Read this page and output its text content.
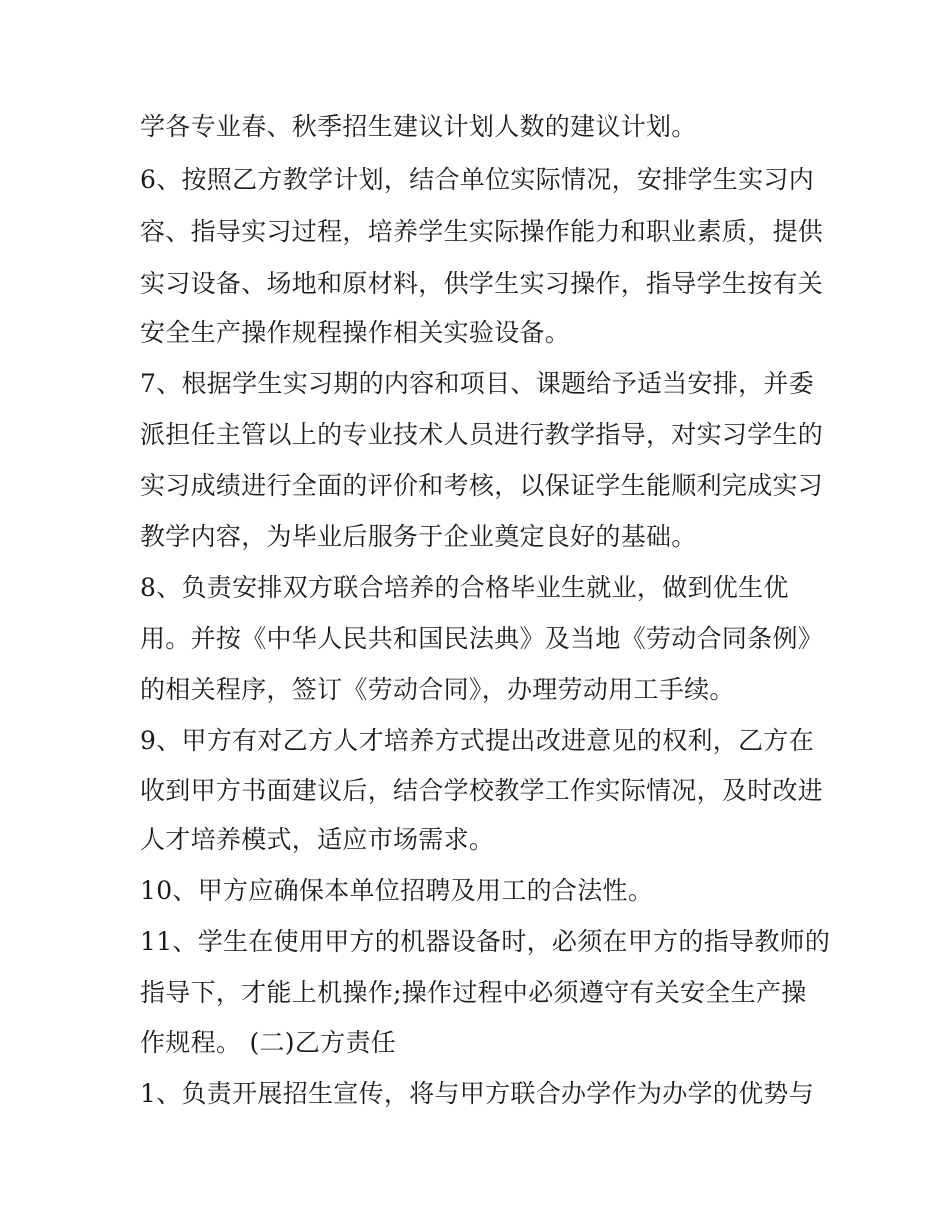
学各专业春、秋季招生建议计划人数的建议计划。
6、按照乙方教学计划，结合单位实际情况，安排学生实习内
容、指导实习过程，培养学生实际操作能力和职业素质，提供
实习设备、场地和原材料，供学生实习操作，指导学生按有关
安全生产操作规程操作相关实验设备。
7、根据学生实习期的内容和项目、课题给予适当安排，并委
派担任主管以上的专业技术人员进行教学指导，对实习学生的
实习成绩进行全面的评价和考核，以保证学生能顺利完成实习
教学内容，为毕业后服务于企业奠定良好的基础。
8、负责安排双方联合培养的合格毕业生就业，做到优生优
用。并按《中华人民共和国民法典》及当地《劳动合同条例》
的相关程序，签订《劳动合同》，办理劳动用工手续。
9、甲方有对乙方人才培养方式提出改进意见的权利，乙方在
收到甲方书面建议后，结合学校教学工作实际情况，及时改进
人才培养模式，适应市场需求。
10、甲方应确保本单位招聘及用工的合法性。
11、学生在使用甲方的机器设备时，必须在甲方的指导教师的
指导下，才能上机操作;操作过程中必须遵守有关安全生产操
作规程。 (二)乙方责任
1、负责开展招生宣传，将与甲方联合办学作为办学的优势与
